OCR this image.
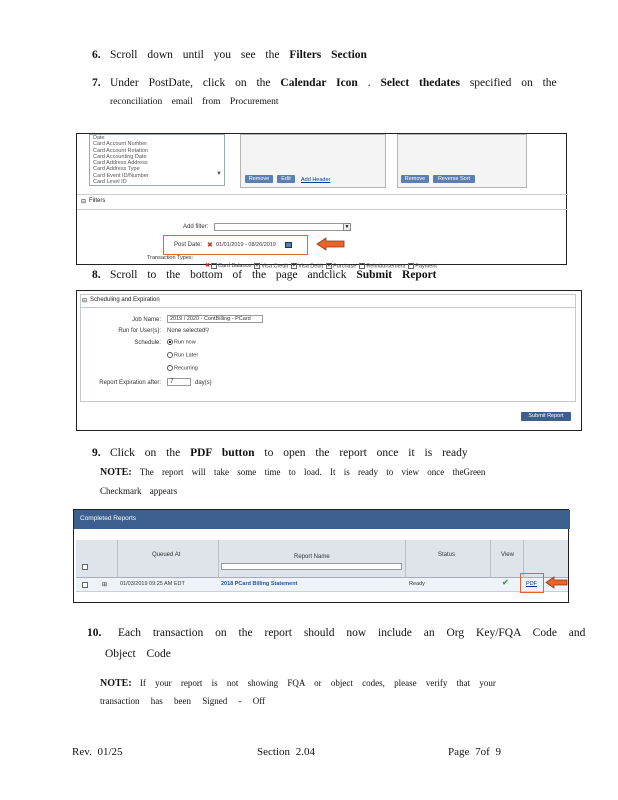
6. Scroll down until you see the Filters Section
7. Under PostDate, click on the Calendar Icon . Select thedates specified on the
reconciliation email from Procurement
Date
Card Account Number
Card Account Rotation
Card Accounting Date
Card Address Address
Card Address Type
Card Event ID/Number
Card Level ID
▼
Remove	Edit	Add Header	Remove	Reverse Sort
⊟ Filters
Add filter:	▼
Post Date: ✖ 01/01/2019 - 08/26/2019
Transaction Types:
✖ Card Balance ✓Visa Credit ✓Visa Debit ✓Purchase Reimbursement Payment
8. Scroll to the bottom of the page andclick Submit Report
⊟ Scheduling and Expiration
Job Name: 2019 / 2020 - ContBilling - PCard
Run for User(s): None selected ⚲
Schedule:	Run now
Run Later
Recurring
Report Expiration after: 7	day(s)
Submit Report
9. Click on the PDF button to open the report once it is ready
NOTE: The report will take some time to load. It is ready to view once theGreen
Checkmark appears
Completed Reports
Queued At	Report Name	Status	View
⊞ 01/03/2019 09:25 AM EDT	2018 PCard Billing Statement	Ready	✔	PDF
10. Each transaction on the report should now include an Org Key/FQA Code and
Object Code
NOTE: If your report is not showing FQA or object codes, please verify that your
transaction has been Signed - Off
Rev. 01/25	Section 2.04	Page 7of 9
